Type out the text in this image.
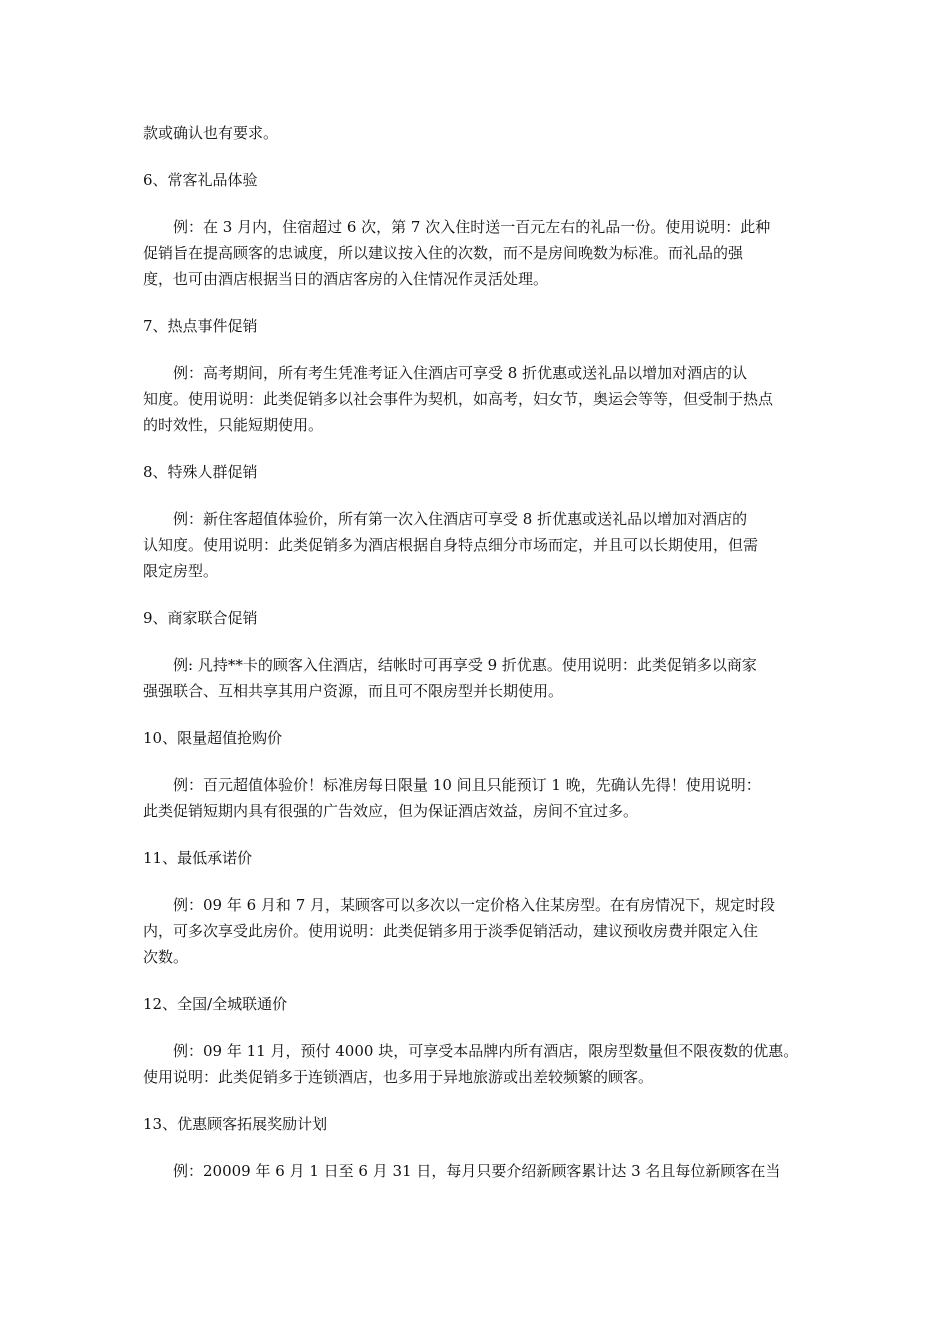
款或确认也有要求。

6、常客礼品体验

　　例：在 3 月内，住宿超过 6 次，第 7 次入住时送一百元左右的礼品一份。使用说明：此种
促销旨在提高顾客的忠诚度，所以建议按入住的次数，而不是房间晚数为标准。而礼品的强
度，也可由酒店根据当日的酒店客房的入住情况作灵活处理。

7、热点事件促销

　　例：高考期间，所有考生凭准考证入住酒店可享受 8 折优惠或送礼品以增加对酒店的认
知度。使用说明：此类促销多以社会事件为契机，如高考，妇女节，奥运会等等，但受制于热点
的时效性，只能短期使用。

8、特殊人群促销

　　例：新住客超值体验价，所有第一次入住酒店可享受 8 折优惠或送礼品以增加对酒店的
认知度。使用说明：此类促销多为酒店根据自身特点细分市场而定，并且可以长期使用，但需
限定房型。

9、商家联合促销

　　例: 凡持**卡的顾客入住酒店，结帐时可再享受 9 折优惠。使用说明：此类促销多以商家
强强联合、互相共享其用户资源，而且可不限房型并长期使用。

10、限量超值抢购价

　　例：百元超值体验价！标准房每日限量 10 间且只能预订 1 晚，先确认先得！使用说明：
此类促销短期内具有很强的广告效应，但为保证酒店效益，房间不宜过多。

11、最低承诺价

　　例：09 年 6 月和 7 月，某顾客可以多次以一定价格入住某房型。在有房情况下，规定时段
内，可多次享受此房价。使用说明：此类促销多用于淡季促销活动，建议预收房费并限定入住
次数。

12、全国/全城联通价

　　例：09 年 11 月，预付 4000 块，可享受本品牌内所有酒店，限房型数量但不限夜数的优惠。
使用说明：此类促销多于连锁酒店，也多用于异地旅游或出差较频繁的顾客。

13、优惠顾客拓展奖励计划

　　例：20009 年 6 月 1 日至 6 月 31 日，每月只要介绍新顾客累计达 3 名且每位新顾客在当
